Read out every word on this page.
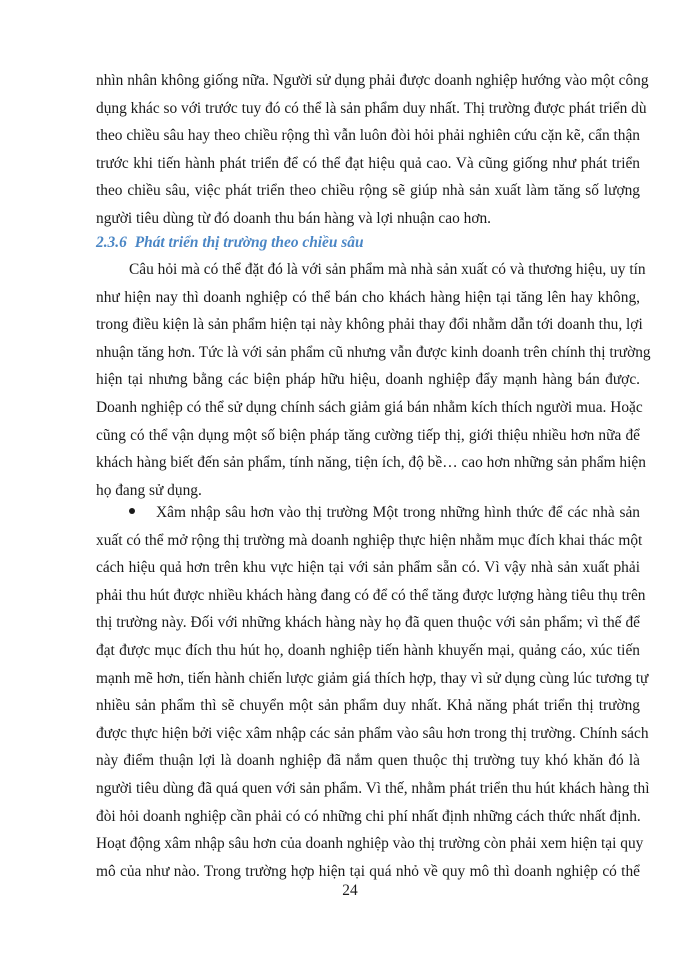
nhìn nhân không giống nữa. Người sử dụng phải được doanh nghiệp hướng vào một công
dụng khác so với trước tuy đó có thể là sản phẩm duy nhất. Thị trường được phát triển dù
theo chiều sâu hay theo chiều rộng thì vẫn luôn đòi hỏi phải nghiên cứu cặn kẽ, cẩn thận
trước khi tiến hành phát triển để có thể đạt hiệu quả cao. Và cũng giống như phát triển
theo chiều sâu, việc phát triển theo chiều rộng sẽ giúp nhà sản xuất làm tăng số lượng
người tiêu dùng từ đó doanh thu bán hàng và lợi nhuận cao hơn.
2.3.6 Phát triển thị trường theo chiều sâu
Câu hỏi mà có thể đặt đó là với sản phẩm mà nhà sản xuất có và thương hiệu, uy tín
như hiện nay thì doanh nghiệp có thể bán cho khách hàng hiện tại tăng lên hay không,
trong điều kiện là sản phẩm hiện tại này không phải thay đổi nhằm dẫn tới doanh thu, lợi
nhuận tăng hơn. Tức là với sản phẩm cũ nhưng vẫn được kinh doanh trên chính thị trường
hiện tại nhưng bằng các biện pháp hữu hiệu, doanh nghiệp đẩy mạnh hàng bán được.
Doanh nghiệp có thể sử dụng chính sách giảm giá bán nhằm kích thích người mua. Hoặc
cũng có thể vận dụng một số biện pháp tăng cường tiếp thị, giới thiệu nhiều hơn nữa để
khách hàng biết đến sản phẩm, tính năng, tiện ích, độ bề… cao hơn những sản phẩm hiện
họ đang sử dụng.
Xâm nhập sâu hơn vào thị trường Một trong những hình thức để các nhà sản
xuất có thể mở rộng thị trường mà doanh nghiệp thực hiện nhằm mục đích khai thác một
cách hiệu quả hơn trên khu vực hiện tại với sản phẩm sẵn có. Vì vậy nhà sản xuất phải
phải thu hút được nhiều khách hàng đang có để có thể tăng được lượng hàng tiêu thụ trên
thị trường này. Đối với những khách hàng này họ đã quen thuộc với sản phẩm; vì thế để
đạt được mục đích thu hút họ, doanh nghiệp tiến hành khuyến mại, quảng cáo, xúc tiến
mạnh mẽ hơn, tiến hành chiến lược giảm giá thích hợp, thay vì sử dụng cùng lúc tương tự
nhiều sản phẩm thì sẽ chuyển một sản phẩm duy nhất. Khả năng phát triển thị trường
được thực hiện bởi việc xâm nhập các sản phẩm vào sâu hơn trong thị trường. Chính sách
này điểm thuận lợi là doanh nghiệp đã nắm quen thuộc thị trường tuy khó khăn đó là
người tiêu dùng đã quá quen với sản phẩm. Vì thế, nhằm phát triển thu hút khách hàng thì
đòi hỏi doanh nghiệp cần phải có có những chi phí nhất định những cách thức nhất định.
Hoạt động xâm nhập sâu hơn của doanh nghiệp vào thị trường còn phải xem hiện tại quy
mô của như nào. Trong trường hợp hiện tại quá nhỏ về quy mô thì doanh nghiệp có thể
24
